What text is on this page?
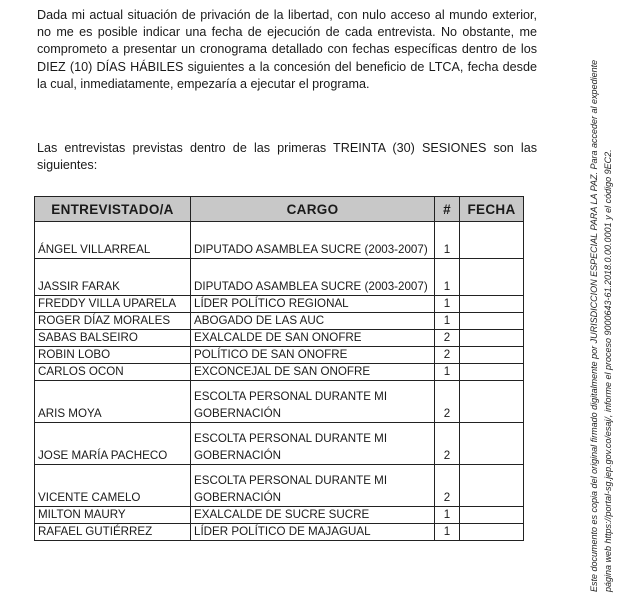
Dada mi actual situación de privación de la libertad, con nulo acceso al mundo exterior, no me es posible indicar una fecha de ejecución de cada entrevista. No obstante, me comprometo a presentar un cronograma detallado con fechas específicas dentro de los DIEZ (10) DÍAS HÁBILES siguientes a la concesión del beneficio de LTCA, fecha desde la cual, inmediatamente, empezaría a ejecutar el programa.

Las entrevistas previstas dentro de las primeras TREINTA (30) SESIONES son las siguientes:

ENTREVISTADO/A	CARGO	#	FECHA
ÁNGEL VILLARREAL	DIPUTADO ASAMBLEA SUCRE (2003-2007)	1	
JASSIR FARAK	DIPUTADO ASAMBLEA SUCRE (2003-2007)	1	
FREDDY VILLA UPARELA	LÍDER POLÍTICO REGIONAL	1	
ROGER DÍAZ MORALES	ABOGADO DE LAS AUC	1	
SABAS BALSEIRO	EXALCALDE DE SAN ONOFRE	2	
ROBIN LOBO	POLÍTICO DE SAN ONOFRE	2	
CARLOS OCON	EXCONCEJAL DE SAN ONOFRE	1	
ARIS MOYA	ESCOLTA PERSONAL DURANTE MI GOBERNACIÓN	2	
JOSE MARÍA PACHECO	ESCOLTA PERSONAL DURANTE MI GOBERNACIÓN	2	
VICENTE CAMELO	ESCOLTA PERSONAL DURANTE MI GOBERNACIÓN	2	
MILTON MAURY	EXALCALDE DE SUCRE SUCRE	1	
RAFAEL GUTIÉRREZ	LÍDER POLÍTICO DE MAJAGUAL	1		Este documento es copia del original firmado digitalmente por JURISDICCION ESPECIAL PARA LA PAZ. Para acceder al expediente página web https://portal-sg.jep.gov.co/esaj/, informe el proceso 9000643-61.2018.0.00.0001 y el código 9EC2.
